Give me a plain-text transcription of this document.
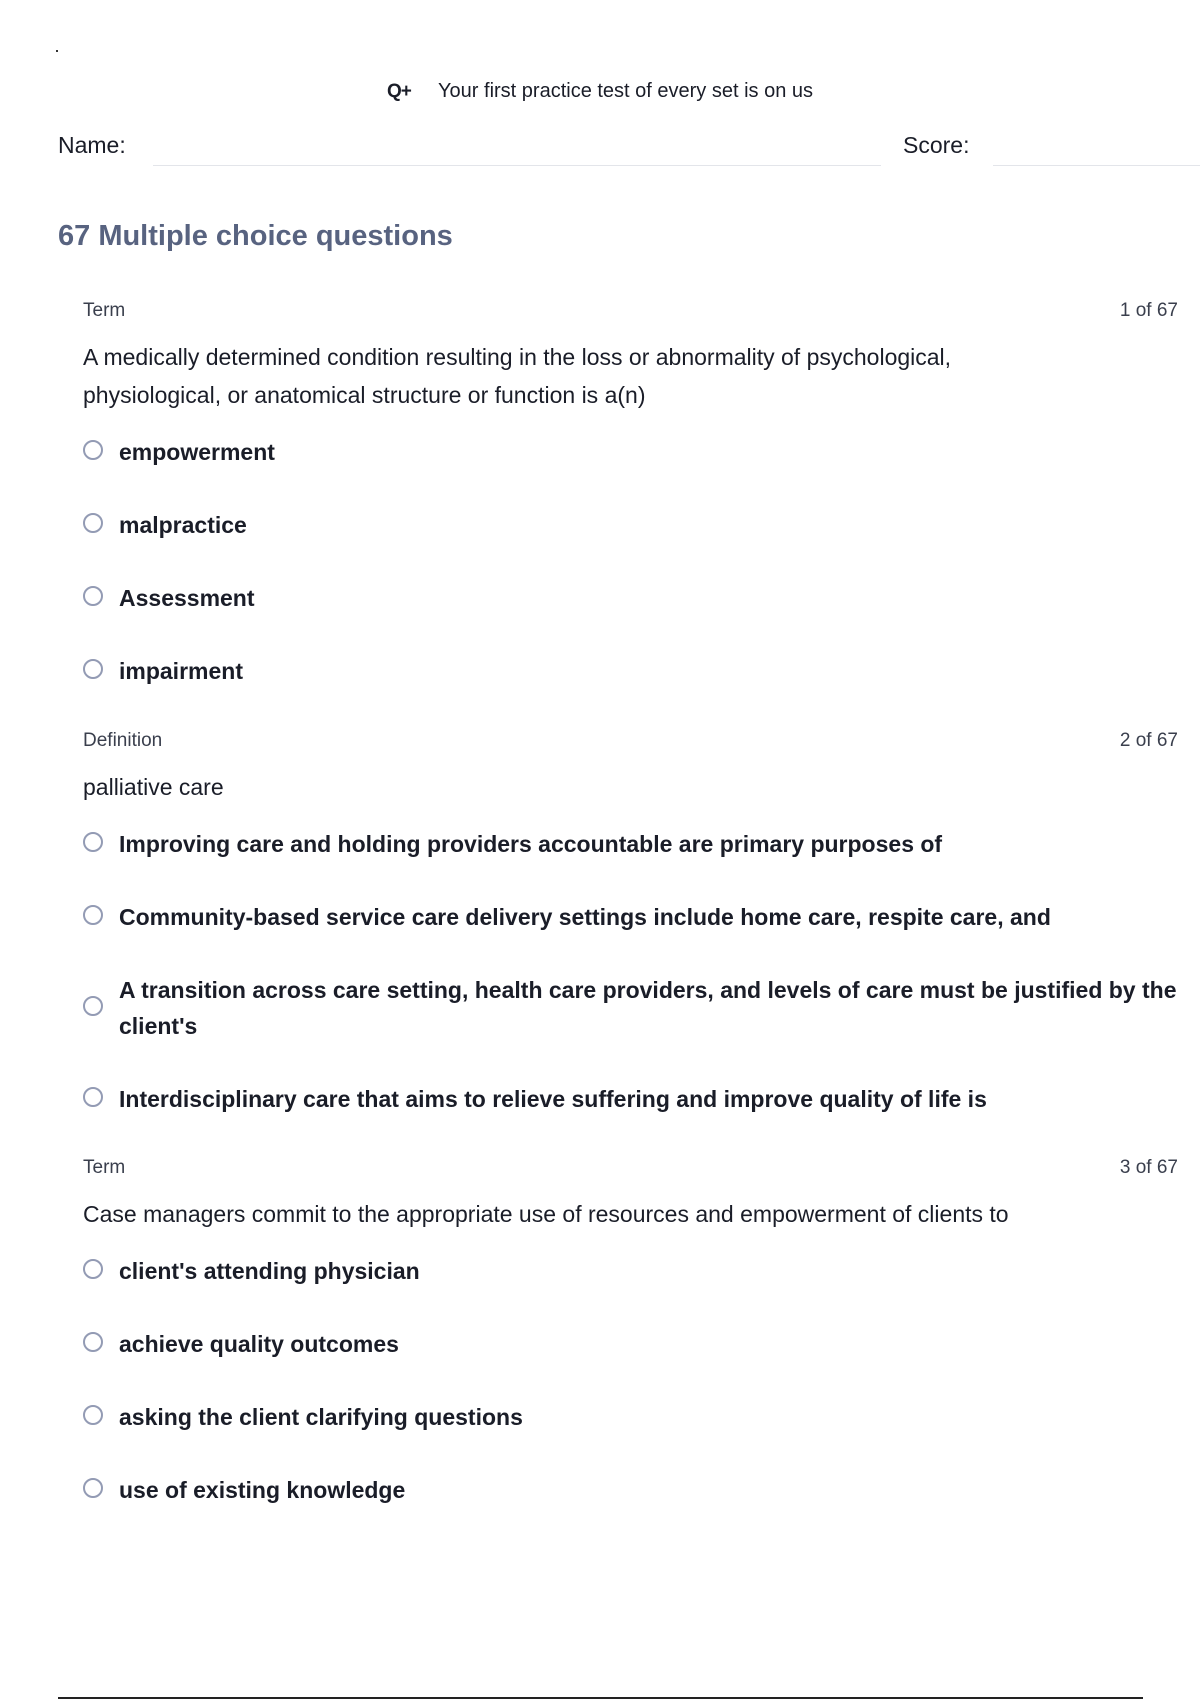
Q+ Your first practice test of every set is on us
Name:	Score:
67 Multiple choice questions
Term	1 of 67
A medically determined condition resulting in the loss or abnormality of psychological, physiological, or anatomical structure or function is a(n)
empowerment
malpractice
Assessment
impairment
Definition	2 of 67
palliative care
Improving care and holding providers accountable are primary purposes of
Community-based service care delivery settings include home care, respite care, and
A transition across care setting, health care providers, and levels of care must be justified by the client's
Interdisciplinary care that aims to relieve suffering and improve quality of life is
Term	3 of 67
Case managers commit to the appropriate use of resources and empowerment of clients to
client's attending physician
achieve quality outcomes
asking the client clarifying questions
use of existing knowledge
